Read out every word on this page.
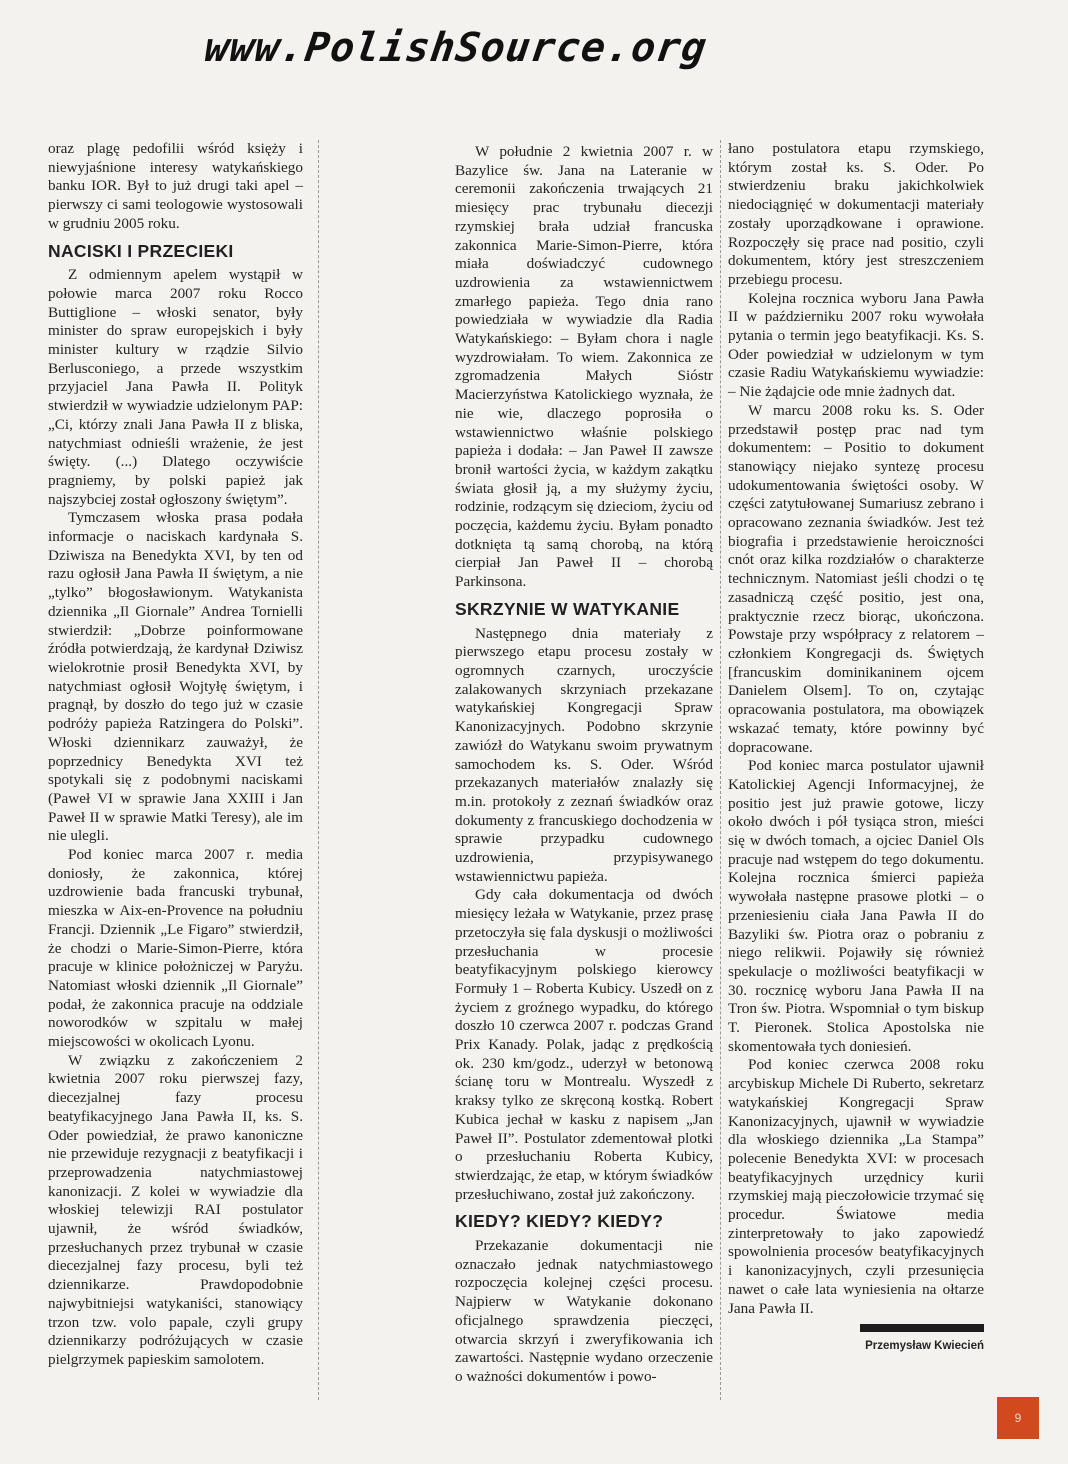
www.PolishSource.org

oraz plagę pedofilii wśród księży i niewyjaśnione interesy watykańskiego banku IOR. Był to już drugi taki apel – pierwszy ci sami teologowie wystosowali w grudniu 2005 roku.

NACISKI I PRZECIEKI

Z odmiennym apelem wystąpił w połowie marca 2007 roku Rocco Buttiglione – włoski senator, były minister do spraw europejskich i były minister kultury w rządzie Silvio Berlusconiego, a przede wszystkim przyjaciel Jana Pawła II. Polityk stwierdził w wywiadzie udzielonym PAP: „Ci, którzy znali Jana Pawła II z bliska, natychmiast odnieśli wrażenie, że jest święty. (...) Dlatego oczywiście pragniemy, by polski papież jak najszybciej został ogłoszony świętym”.

Tymczasem włoska prasa podała informacje o naciskach kardynała S. Dziwisza na Benedykta XVI, by ten od razu ogłosił Jana Pawła II świętym, a nie „tylko” błogosławionym. Watykanista dziennika „Il Giornale” Andrea Tornielli stwierdził: „Dobrze poinformowane źródła potwierdzają, że kardynał Dziwisz wielokrotnie prosił Benedykta XVI, by natychmiast ogłosił Wojtyłę świętym, i pragnął, by doszło do tego już w czasie podróży papieża Ratzingera do Polski”. Włoski dziennikarz zauważył, że poprzednicy Benedykta XVI też spotykali się z podobnymi naciskami (Paweł VI w sprawie Jana XXIII i Jan Paweł II w sprawie Matki Teresy), ale im nie ulegli.

Pod koniec marca 2007 r. media doniosły, że zakonnica, której uzdrowienie bada francuski trybunał, mieszka w Aix-en-Provence na południu Francji. Dziennik „Le Figaro” stwierdził, że chodzi o Marie-Simon-Pierre, która pracuje w klinice położniczej w Paryżu. Natomiast włoski dziennik „Il Giornale” podał, że zakonnica pracuje na oddziale noworodków w szpitalu w małej miejscowości w okolicach Lyonu.

W związku z zakończeniem 2 kwietnia 2007 roku pierwszej fazy, diecezjalnej fazy procesu beatyfikacyjnego Jana Pawła II, ks. S. Oder powiedział, że prawo kanoniczne nie przewiduje rezygnacji z beatyfikacji i przeprowadzenia natychmiastowej kanonizacji. Z kolei w wywiadzie dla włoskiej telewizji RAI postulator ujawnił, że wśród świadków, przesłuchanych przez trybunał w czasie diecezjalnej fazy procesu, byli też dziennikarze. Prawdopodobnie najwybitniejsi watykaniści, stanowiący trzon tzw. volo papale, czyli grupy dziennikarzy podróżujących w czasie pielgrzymek papieskim samolotem.

W południe 2 kwietnia 2007 r. w Bazylice św. Jana na Lateranie w ceremonii zakończenia trwających 21 miesięcy prac trybunału diecezji rzymskiej brała udział francuska zakonnica Marie-Simon-Pierre, która miała doświadczyć cudownego uzdrowienia za wstawiennictwem zmarłego papieża. Tego dnia rano powiedziała w wywiadzie dla Radia Watykańskiego: – Byłam chora i nagle wyzdrowiałam. To wiem. Zakonnica ze zgromadzenia Małych Sióstr Macierzyństwa Katolickiego wyznała, że nie wie, dlaczego poprosiła o wstawiennictwo właśnie polskiego papieża i dodała: – Jan Paweł II zawsze bronił wartości życia, w każdym zakątku świata głosił ją, a my służymy życiu, rodzinie, rodzącym się dzieciom, życiu od poczęcia, każdemu życiu. Byłam ponadto dotknięta tą samą chorobą, na którą cierpiał Jan Paweł II – chorobą Parkinsona.

SKRZYNIE W WATYKANIE

Następnego dnia materiały z pierwszego etapu procesu zostały w ogromnych czarnych, uroczyście zalakowanych skrzyniach przekazane watykańskiej Kongregacji Spraw Kanonizacyjnych. Podobno skrzynie zawiózł do Watykanu swoim prywatnym samochodem ks. S. Oder. Wśród przekazanych materiałów znalazły się m.in. protokoły z zeznań świadków oraz dokumenty z francuskiego dochodzenia w sprawie przypadku cudownego uzdrowienia, przypisywanego wstawiennictwu papieża.

Gdy cała dokumentacja od dwóch miesięcy leżała w Watykanie, przez prasę przetoczyła się fala dyskusji o możliwości przesłuchania w procesie beatyfikacyjnym polskiego kierowcy Formuły 1 – Roberta Kubicy. Uszedł on z życiem z groźnego wypadku, do którego doszło 10 czerwca 2007 r. podczas Grand Prix Kanady. Polak, jadąc z prędkością ok. 230 km/godz., uderzył w betonową ścianę toru w Montrealu. Wyszedł z kraksy tylko ze skręconą kostką. Robert Kubica jechał w kasku z napisem „Jan Paweł II”. Postulator zdementował plotki o przesłuchaniu Roberta Kubicy, stwierdzając, że etap, w którym świadków przesłuchiwano, został już zakończony.

KIEDY? KIEDY? KIEDY?

Przekazanie dokumentacji nie oznaczało jednak natychmiastowego rozpoczęcia kolejnej części procesu. Najpierw w Watykanie dokonano oficjalnego sprawdzenia pieczęci, otwarcia skrzyń i zweryfikowania ich zawartości. Następnie wydano orzeczenie o ważności dokumentów i powo-

łano postulatora etapu rzymskiego, którym został ks. S. Oder. Po stwierdzeniu braku jakichkolwiek niedociągnięć w dokumentacji materiały zostały uporządkowane i oprawione. Rozpoczęły się prace nad positio, czyli dokumentem, który jest streszczeniem przebiegu procesu.

Kolejna rocznica wyboru Jana Pawła II w październiku 2007 roku wywołała pytania o termin jego beatyfikacji. Ks. S. Oder powiedział w udzielonym w tym czasie Radiu Watykańskiemu wywiadzie: – Nie żądajcie ode mnie żadnych dat.

W marcu 2008 roku ks. S. Oder przedstawił postęp prac nad tym dokumentem: – Positio to dokument stanowiący niejako syntezę procesu udokumentowania świętości osoby. W części zatytułowanej Sumariusz zebrano i opracowano zeznania świadków. Jest też biografia i przedstawienie heroiczności cnót oraz kilka rozdziałów o charakterze technicznym. Natomiast jeśli chodzi o tę zasadniczą część positio, jest ona, praktycznie rzecz biorąc, ukończona. Powstaje przy współpracy z relatorem – członkiem Kongregacji ds. Świętych [francuskim dominikaninem ojcem Danielem Olsem]. To on, czytając opracowania postulatora, ma obowiązek wskazać tematy, które powinny być dopracowane.

Pod koniec marca postulator ujawnił Katolickiej Agencji Informacyjnej, że positio jest już prawie gotowe, liczy około dwóch i pół tysiąca stron, mieści się w dwóch tomach, a ojciec Daniel Ols pracuje nad wstępem do tego dokumentu. Kolejna rocznica śmierci papieża wywołała następne prasowe plotki – o przeniesieniu ciała Jana Pawła II do Bazyliki św. Piotra oraz o pobraniu z niego relikwii. Pojawiły się również spekulacje o możliwości beatyfikacji w 30. rocznicę wyboru Jana Pawła II na Tron św. Piotra. Wspomniał o tym biskup T. Pieronek. Stolica Apostolska nie skomentowała tych doniesień.

Pod koniec czerwca 2008 roku arcybiskup Michele Di Ruberto, sekretarz watykańskiej Kongregacji Spraw Kanonizacyjnych, ujawnił w wywiadzie dla włoskiego dziennika „La Stampa” polecenie Benedykta XVI: w procesach beatyfikacyjnych urzędnicy kurii rzymskiej mają pieczołowicie trzymać się procedur. Światowe media zinterpretowały to jako zapowiedź spowolnienia procesów beatyfikacyjnych i kanonizacyjnych, czyli przesunięcia nawet o całe lata wyniesienia na ołtarze Jana Pawła II.

Przemysław Kwiecień
9
